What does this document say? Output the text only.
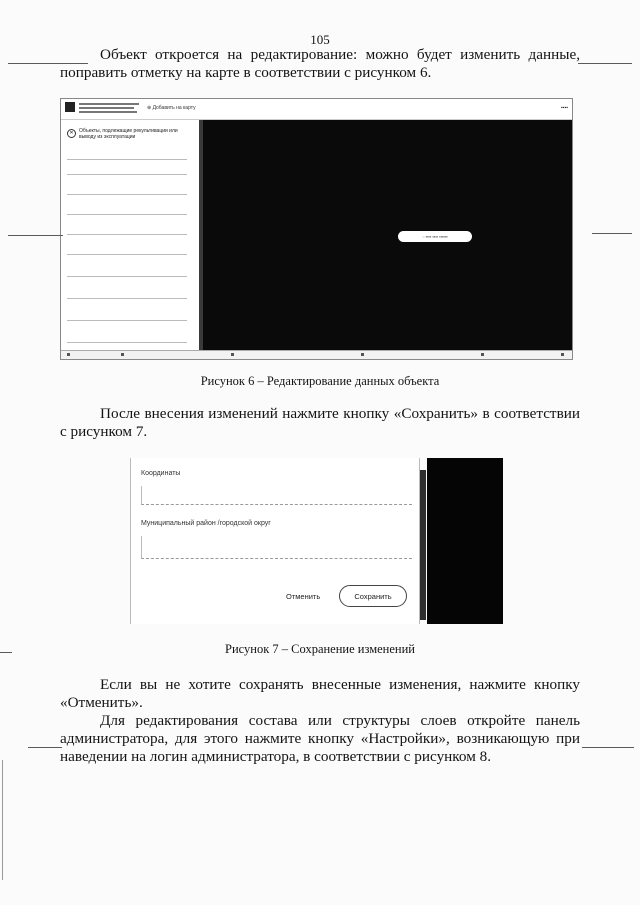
105
Объект откроется на редактирование: можно будет изменить данные, поправить отметку на карте в соответствии с рисунком 6.
⊕ Добавить на карту	▪▪▪▪
✕	Объекты, подлежащие рекультивации или выводу из эксплуатации
◌ ▪▪▪▪ ▪▪▪▪ ▪▪▪▪▪▪
Рисунок 6 – Редактирование данных объекта
После внесения изменений нажмите кнопку «Сохранить» в соответствии с рисунком 7.
Координаты
Муниципальный район /городской округ
Отменить	Сохранить
Рисунок 7 – Сохранение изменений
Если вы не хотите сохранять внесенные изменения, нажмите кнопку «Отменить».
Для редактирования состава или структуры слоев откройте панель администратора, для этого нажмите кнопку «Настройки», возникающую при наведении на логин администратора, в соответствии с рисунком 8.
